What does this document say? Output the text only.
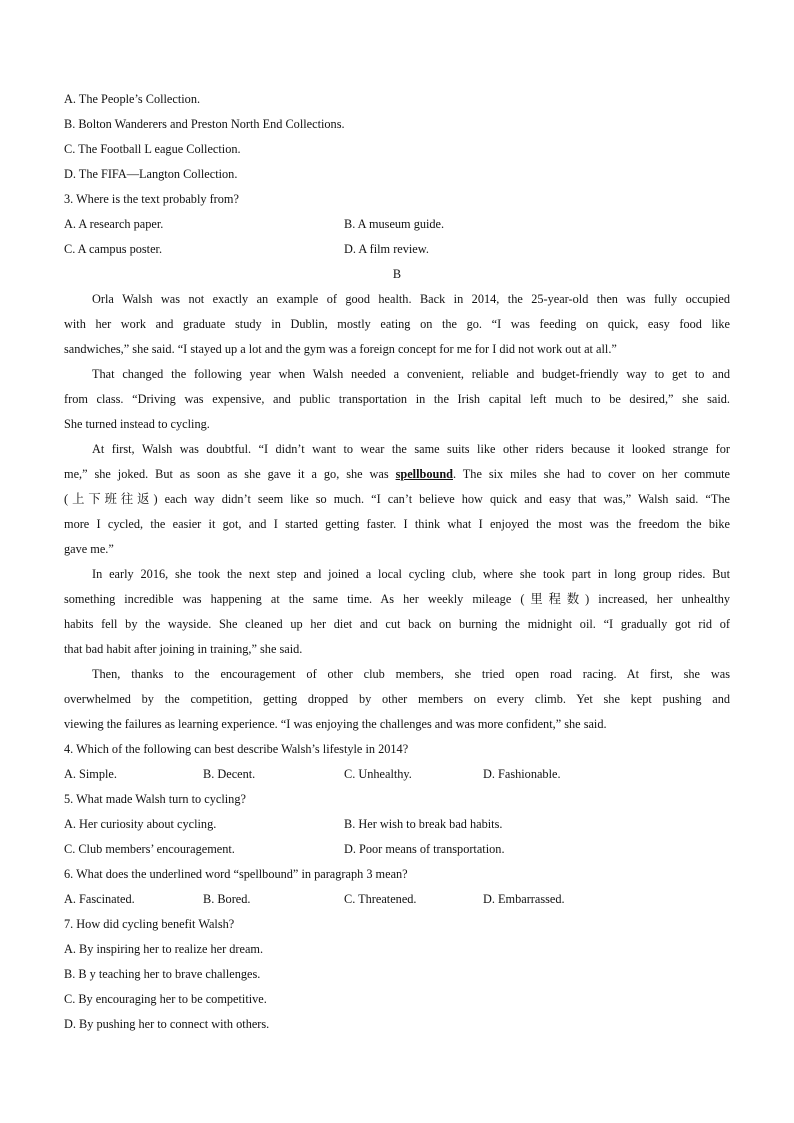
A. The People’s Collection.
B. Bolton Wanderers and Preston North End Collections.
C. The Football L eague Collection.
D. The FIFA—Langton Collection.
3. Where is the text probably from?
A. A research paper.	B. A museum guide.
C. A campus poster.	D. A film review.
B
Orla Walsh was not exactly an example of good health. Back in 2014, the 25-year-old then was fully occupied
with her work and graduate study in Dublin, mostly eating on the go. “I was feeding on quick, easy food like
sandwiches,” she said. “I stayed up a lot and the gym was a foreign concept for me for I did not work out at all.”
That changed the following year when Walsh needed a convenient, reliable and budget-friendly way to get to and
from class. “Driving was expensive, and public transportation in the Irish capital left much to be desired,” she said.
She turned instead to cycling.
At first, Walsh was doubtful. “I didn’t want to wear the same suits like other riders because it looked strange for
me,” she joked. But as soon as she gave it a go, she was spellbound. The six miles she had to cover on her commute
(上下班往返) each way didn’t seem like so much. “I can’t believe how quick and easy that was,” Walsh said. “The
more I cycled, the easier it got, and I started getting faster. I think what I enjoyed the most was the freedom the bike
gave me.”
In early 2016, she took the next step and joined a local cycling club, where she took part in long group rides. But
something incredible was happening at the same time. As her weekly mileage (里程数) increased, her unhealthy
habits fell by the wayside. She cleaned up her diet and cut back on burning the midnight oil. “I gradually got rid of
that bad habit after joining in training,” she said.
Then, thanks to the encouragement of other club members, she tried open road racing. At first, she was
overwhelmed by the competition, getting dropped by other members on every climb. Yet she kept pushing and
viewing the failures as learning experience. “I was enjoying the challenges and was more confident,” she said.
4. Which of the following can best describe Walsh’s lifestyle in 2014?
A. Simple.	B. Decent.	C. Unhealthy.	D. Fashionable.
5. What made Walsh turn to cycling?
A. Her curiosity about cycling.	B. Her wish to break bad habits.
C. Club members’ encouragement.	D. Poor means of transportation.
6. What does the underlined word “spellbound” in paragraph 3 mean?
A. Fascinated.	B. Bored.	C. Threatened.	D. Embarrassed.
7. How did cycling benefit Walsh?
A. By inspiring her to realize her dream.
B. B y teaching her to brave challenges.
C. By encouraging her to be competitive.
D. By pushing her to connect with others.
